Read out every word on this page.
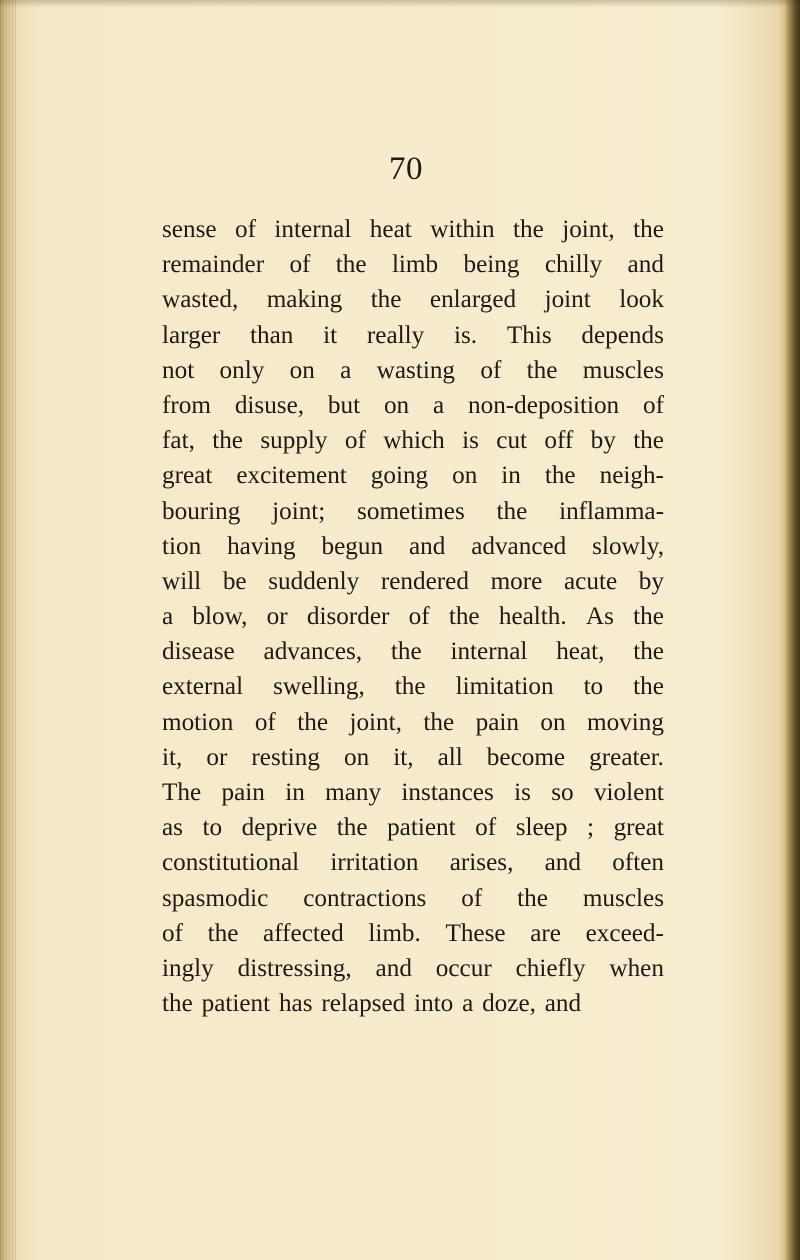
70
sense of internal heat within the joint, the
remainder of the limb being chilly and
wasted, making the enlarged joint look
larger than it really is. This depends
not only on a wasting of the muscles
from disuse, but on a non-deposition of
fat, the supply of which is cut off by the
great excitement going on in the neigh-
bouring joint; sometimes the inflamma-
tion having begun and advanced slowly,
will be suddenly rendered more acute by
a blow, or disorder of the health. As the
disease advances, the internal heat, the
external swelling, the limitation to the
motion of the joint, the pain on moving
it, or resting on it, all become greater.
The pain in many instances is so violent
as to deprive the patient of sleep ; great
constitutional irritation arises, and often
spasmodic contractions of the muscles
of the affected limb. These are exceed-
ingly distressing, and occur chiefly when
the patient has relapsed into a doze, and
